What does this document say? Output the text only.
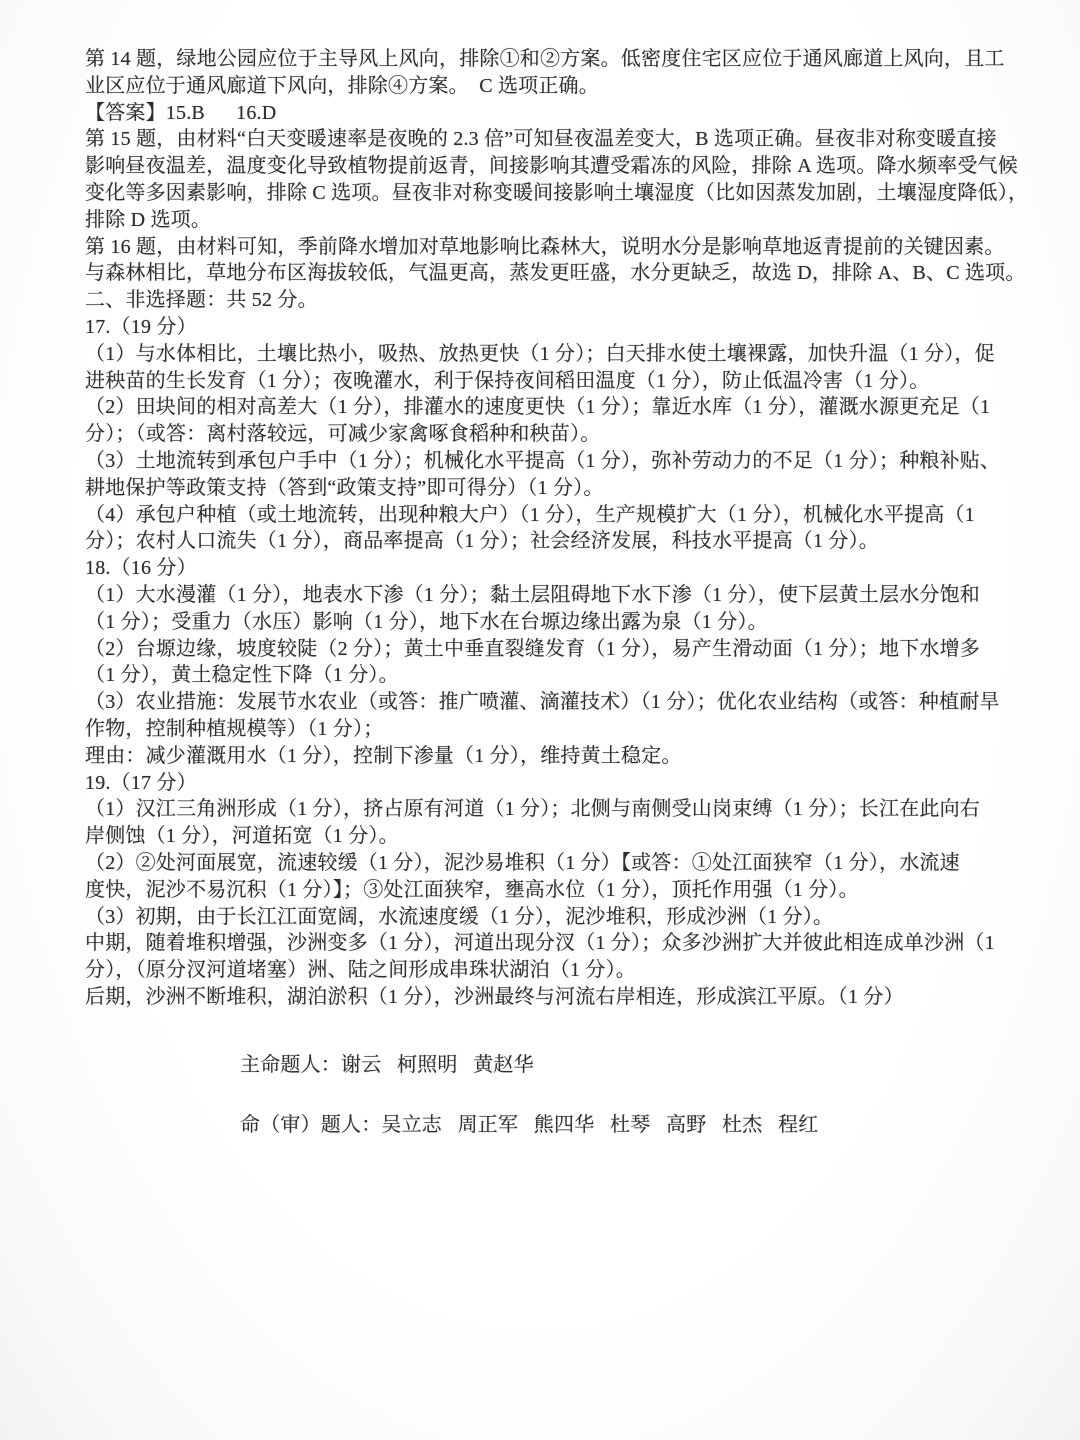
第 14 题，绿地公园应位于主导风上风向，排除①和②方案。低密度住宅区应位于通风廊道上风向，且工
业区应位于通风廊道下风向，排除④方案。  C 选项正确。
【答案】15.B      16.D
第 15 题，由材料“白天变暖速率是夜晚的 2.3 倍”可知昼夜温差变大，B 选项正确。昼夜非对称变暖直接
影响昼夜温差，温度变化导致植物提前返青，间接影响其遭受霜冻的风险，排除 A 选项。降水频率受气候
变化等多因素影响，排除 C 选项。昼夜非对称变暖间接影响土壤湿度（比如因蒸发加剧，土壤湿度降低），
排除 D 选项。
第 16 题，由材料可知，季前降水增加对草地影响比森林大，说明水分是影响草地返青提前的关键因素。
与森林相比，草地分布区海拔较低，气温更高，蒸发更旺盛，水分更缺乏，故选 D，排除 A、B、C 选项。
二、非选择题：共 52 分。
17.（19 分）
（1）与水体相比，土壤比热小，吸热、放热更快（1 分）；白天排水使土壤裸露，加快升温（1 分），促
进秧苗的生长发育（1 分）；夜晚灌水，利于保持夜间稻田温度（1 分），防止低温冷害（1 分）。
（2）田块间的相对高差大（1 分），排灌水的速度更快（1 分）；靠近水库（1 分），灌溉水源更充足（1
分）；（或答：离村落较远，可减少家禽啄食稻种和秧苗）。
（3）土地流转到承包户手中（1 分）；机械化水平提高（1 分），弥补劳动力的不足（1 分）；种粮补贴、
耕地保护等政策支持（答到“政策支持”即可得分）（1 分）。
（4）承包户种植（或土地流转，出现种粮大户）（1 分），生产规模扩大（1 分），机械化水平提高（1
分）；农村人口流失（1 分），商品率提高（1 分）；社会经济发展，科技水平提高（1 分）。
18.（16 分）
（1）大水漫灌（1 分），地表水下渗（1 分）；黏土层阻碍地下水下渗（1 分），使下层黄土层水分饱和
（1 分）；受重力（水压）影响（1 分），地下水在台塬边缘出露为泉（1 分）。
（2）台塬边缘，坡度较陡（2 分）；黄土中垂直裂缝发育（1 分），易产生滑动面（1 分）；地下水增多
（1 分），黄土稳定性下降（1 分）。
（3）农业措施：发展节水农业（或答：推广喷灌、滴灌技术）（1 分）；优化农业结构（或答：种植耐旱
作物，控制种植规模等）（1 分）；
理由：减少灌溉用水（1 分），控制下渗量（1 分），维持黄土稳定。
19.（17 分）
（1）汉江三角洲形成（1 分），挤占原有河道（1 分）；北侧与南侧受山岗束缚（1 分）；长江在此向右
岸侧蚀（1 分），河道拓宽（1 分）。
（2）②处河面展宽，流速较缓（1 分），泥沙易堆积（1 分）【或答：①处江面狭窄（1 分），水流速
度快，泥沙不易沉积（1 分）】；③处江面狭窄，壅高水位（1 分），顶托作用强（1 分）。
（3）初期，由于长江江面宽阔，水流速度缓（1 分），泥沙堆积，形成沙洲（1 分）。
中期，随着堆积增强，沙洲变多（1 分），河道出现分汊（1 分）；众多沙洲扩大并彼此相连成单沙洲（1
分），（原分汊河道堵塞）洲、陆之间形成串珠状湖泊（1 分）。
后期，沙洲不断堆积，湖泊淤积（1 分），沙洲最终与河流右岸相连，形成滨江平原。（1 分）
主命题人：谢云   柯照明   黄赵华
命（审）题人：吴立志   周正军   熊四华   杜琴   高野   杜杰   程红
